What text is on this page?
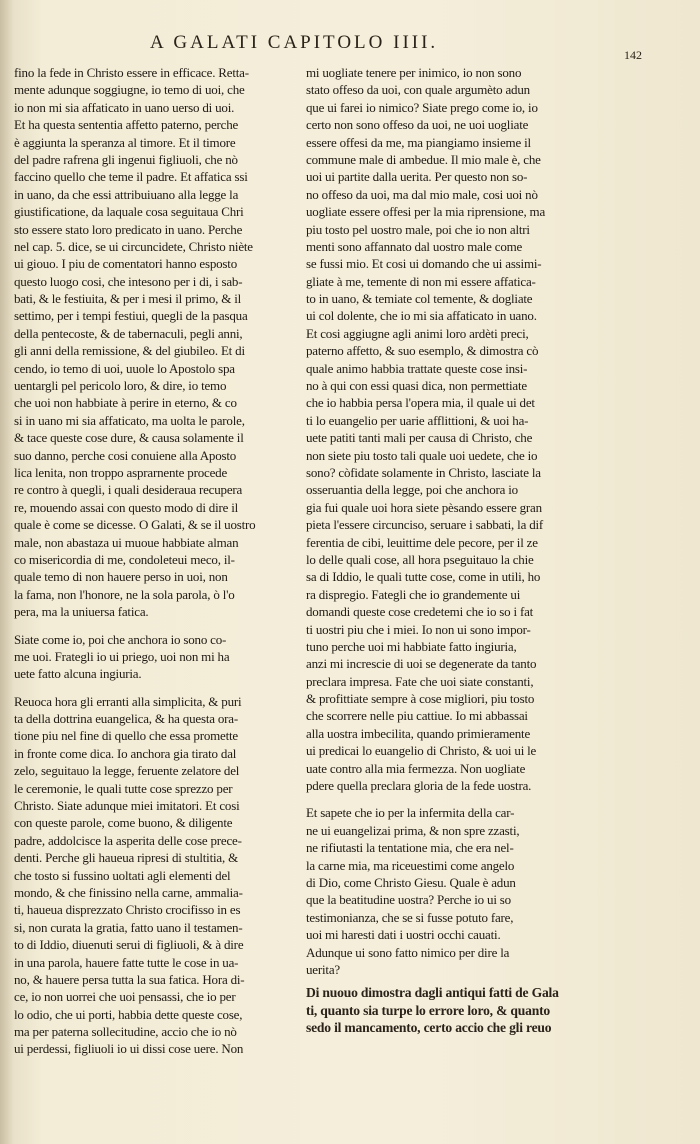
A GALATI CAPITOLO IIII.
142
fino la fede in Christo essere in efficace. Retta-
mente adunque soggiugne, io temo di uoi, che
io non mi sia affaticato in uano uerso di uoi.
Et ha questa sententia affetto paterno, perche
è aggiunta la speranza al timore. Et il timore
del padre rafrena gli ingenui figliuoli, che nò
faccino quello che teme il padre. Et affatica ssi
in uano, da che essi attribuiuano alla legge la
giustificatione, da laquale cosa seguitaua Chri
sto essere stato loro predicato in uano. Perche
nel cap. 5. dice, se ui circuncidete, Christo niète
ui giouo. I piu de comentatori hanno esposto
questo luogo cosi, che intesono per i di, i sab-
bati, & le festiuita, & per i mesi il primo, & il
settimo, per i tempi festiui, quegli de la pasqua
della pentecoste, & de tabernaculi, pegli anni,
gli anni della remissione, & del giubileo. Et di
cendo, io temo di uoi, uuole lo Apostolo spa
uentargli pel pericolo loro, & dire, io temo
che uoi non habbiate à perire in eterno, & co
si in uano mi sia affaticato, ma uolta le parole,
& tace queste cose dure, & causa solamente il
suo danno, perche cosi conuiene alla Aposto
lica lenita, non troppo asprarnente procede
re contro à quegli, i quali desideraua recupera
re, mouendo assai con questo modo di dire il
quale è come se dicesse. O Galati, & se il uostro
male, non abastaza ui muoue habbiate alman
co misericordia di me, condoleteui meco, il-
quale temo di non hauere perso in uoi, non
la fama, non l'honore, ne la sola parola, ò l'o
pera, ma la uniuersa fatica.
Siate come io, poi che anchora io sono co-
me uoi. Frategli io ui priego, uoi non mi ha
uete fatto alcuna ingiuria.
Reuoca hora gli erranti alla simplicita, & puri
ta della dottrina euangelica, & ha questa ora-
tione piu nel fine di quello che essa promette
in fronte come dica. Io anchora gia tirato dal
zelo, seguitauo la legge, feruente zelatore del
le ceremonie, le quali tutte cose sprezzo per
Christo. Siate adunque miei imitatori. Et cosi
con queste parole, come buono, & diligente
padre, addolcisce la asperita delle cose prece-
denti. Perche gli haueua ripresi di stultitia, &
che tosto si fussino uoltati agli elementi del
mondo, & che finissino nella carne, ammalia-
ti, haueua disprezzato Christo crocifisso in es
si, non curata la gratia, fatto uano il testamen-
to di Iddio, diuenuti serui di figliuoli, & à dire
in una parola, hauere fatte tutte le cose in ua-
no, & hauere persa tutta la sua fatica. Hora di-
ce, io non uorrei che uoi pensassi, che io per
lo odio, che ui porti, habbia dette queste cose,
ma per paterna sollecitudine, accio che io nò
ui perdessi, figliuoli io ui dissi cose uere. Non
mi uogliate tenere per inimico, io non sono
stato offeso da uoi, con quale argumèto adun
que ui farei io nimico? Siate prego come io, io
certo non sono offeso da uoi, ne uoi uogliate
essere offesi da me, ma piangiamo insieme il
commune male di ambedue. Il mio male è, che
uoi ui partite dalla uerita. Per questo non so-
no offeso da uoi, ma dal mio male, cosi uoi nò
uogliate essere offesi per la mia riprensione, ma
piu tosto pel uostro male, poi che io non altri
menti sono affannato dal uostro male come
se fussi mio. Et cosi ui domando che ui assimi-
gliate à me, temente di non mi essere affatica-
to in uano, & temiate col temente, & dogliate
ui col dolente, che io mi sia affaticato in uano.
Et cosi aggiugne agli animi loro ardèti preci,
paterno affetto, & suo esemplo, & dimostra cò
quale animo habbia trattate queste cose insi-
no à qui con essi quasi dica, non permettiate
che io habbia persa l'opera mia, il quale ui det
ti lo euangelio per uarie afflittioni, & uoi ha-
uete patiti tanti mali per causa di Christo, che
non siete piu tosto tali quale uoi uedete, che io
sono? còfidate solamente in Christo, lasciate la
osseruantia della legge, poi che anchora io
gia fui quale uoi hora siete pèsando essere gran
pieta l'essere circunciso, seruare i sabbati, la dif
ferentia de cibi, leuittime dele pecore, per il ze
lo delle quali cose, all hora pseguitauo la chie
sa di Iddio, le quali tutte cose, come in utili, ho
ra dispregio. Fategli che io grandemente ui
domandi queste cose credetemi che io so i fat
ti uostri piu che i miei. Io non ui sono impor-
tuno perche uoi mi habbiate fatto ingiuria,
anzi mi increscie di uoi se degenerate da tanto
preclara impresa. Fate che uoi siate constanti,
& profittiate sempre à cose migliori, piu tosto
che scorrere nelle piu cattiue. Io mi abbassai
alla uostra imbecilita, quando primieramente
ui predicai lo euangelio di Christo, & uoi ui le
uate contro alla mia fermezza. Non uogliate
pdere quella preclara gloria de la fede uostra.
Et sapete che io per la infermita della car-
ne ui euangelizai prima, & non spre zzasti,
ne rifiutasti la tentatione mia, che era nel-
la carne mia, ma riceuestimi come angelo
di Dio, come Christo Giesu. Quale è adun
que la beatitudine uostra? Perche io ui so
testimonianza, che se si fusse potuto fare,
uoi mi haresti dati i uostri occhi cauati.
Adunque ui sono fatto nimico per dire la
uerita?
Di nuouo dimostra dagli antiqui fatti de Gala
ti, quanto sia turpe lo errore loro, & quanto
sedo il mancamento, certo accio che gli reuo
